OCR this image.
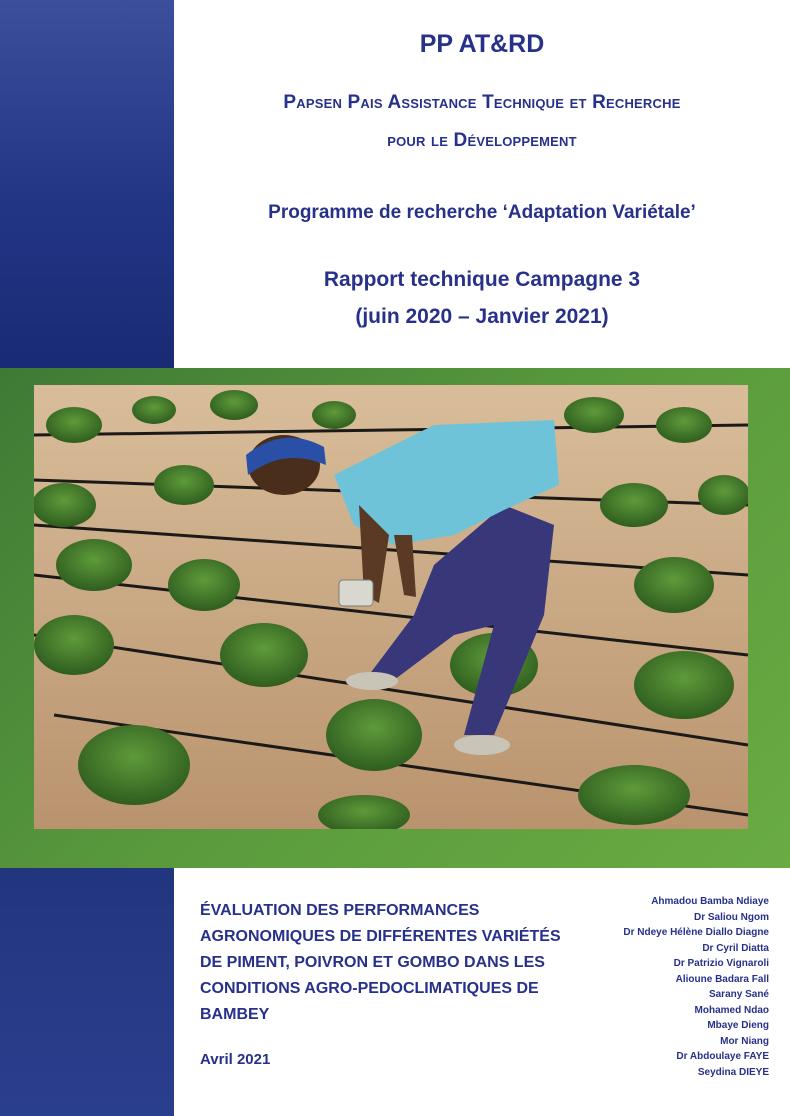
PP AT&RD
Papsen Pais Assistance Technique et Recherche
pour le Développement
Programme de recherche ‘Adaptation Variétale’
Rapport technique Campagne 3
(juin 2020 – Janvier 2021)
ÉVALUATION DES PERFORMANCES
AGRONOMIQUES DE DIFFÉRENTES VARIÉTÉS
DE PIMENT, POIVRON ET GOMBO DANS LES
CONDITIONS AGRO-PEDOCLIMATIQUES DE
BAMBEY
Avril 2021
Ahmadou Bamba Ndiaye
Dr Saliou Ngom
Dr Ndeye Hélène Diallo Diagne
Dr Cyril Diatta
Dr Patrizio Vignaroli
Alioune Badara Fall
Sarany Sané
Mohamed Ndao
Mbaye Dieng
Mor Niang
Dr Abdoulaye FAYE
Seydina DIEYE
